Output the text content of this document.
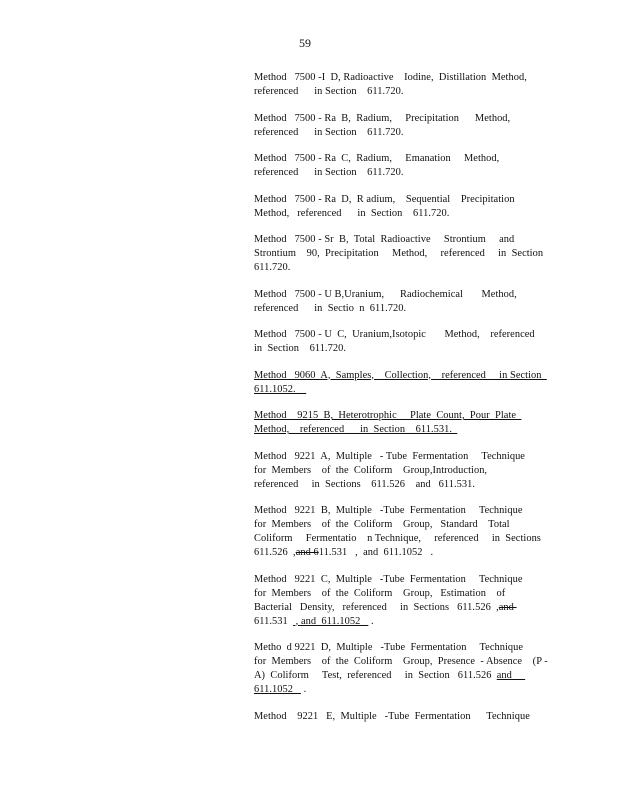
59
Method   7500 -I  D, Radioactive    Iodine,  Distillation  Method,
referenced      in Section    611.720.
Method   7500 - Ra  B,  Radium,     Precipitation      Method,
referenced      in Section    611.720.
Method   7500 - Ra  C,  Radium,     Emanation     Method,
referenced      in Section    611.720.
Method   7500 - Ra  D,  R adium,    Sequential    Precipitation
Method,   referenced      in  Section    611.720.
Method   7500 - Sr  B,  Total  Radioactive     Strontium     and
Strontium    90,  Precipitation     Method,     referenced     in  Section
611.720.
Method   7500 - U B,Uranium,      Radiochemical       Method,
referenced      in  Sectio  n  611.720.
Method   7500 - U  C,  Uranium,Isotopic       Method,    referenced
in  Section    611.720.
Method   9060  A,  Samples,    Collection,    referenced     in Section
611.1052.
Method    9215  B,  Heterotrophic     Plate  Count,  Pour  Plate
Method,    referenced      in  Section    611.531.
Method   9221  A,  Multiple   - Tube  Fermentation     Technique
for  Members    of  the  Coliform    Group,Introduction,
referenced     in  Sections    611.526    and   611.531.
Method   9221  B,  Multiple   -Tube  Fermentation     Technique
for  Members    of  the  Coliform    Group,   Standard    Total
Coliform     Fermentatio    n Technique,     referenced     in  Sections
611.526  ,and 611.531   ,  and  611.1052   .
Method   9221  C,  Multiple   -Tube  Fermentation     Technique
for  Members    of  the  Coliform    Group,   Estimation    of
Bacterial   Density,   referenced     in  Sections   611.526  ,and
611.531   , and  611.1052    .
Metho  d 9221  D,  Multiple   -Tube  Fermentation     Technique
for  Members    of  the  Coliform    Group,  Presence  - Absence    (P -
A)  Coliform     Test,  referenced     in  Section   611.526  and
611.1052    .
Method    9221   E,  Multiple   -Tube  Fermentation      Technique
